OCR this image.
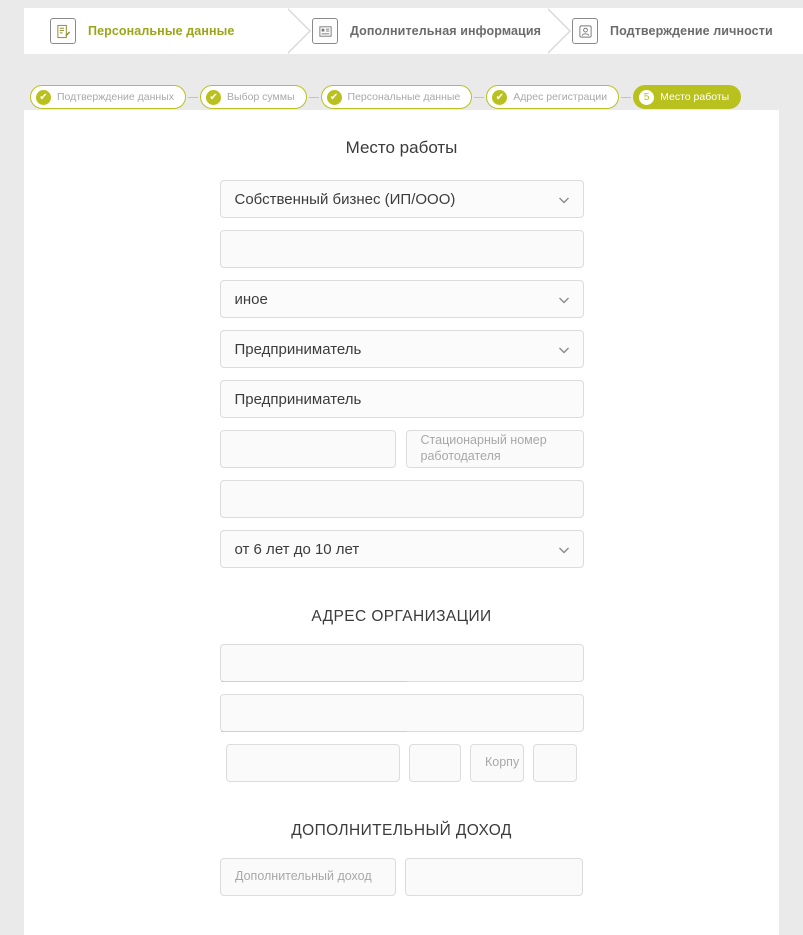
Персональные данные	Дополнительная информация	Подтверждение личности
✔ Подтверждение данных	✔ Выбор суммы	✔ Персональные данные	✔ Адрес регистрации	5	Место работы
Место работы
Собственный бизнес (ИП/ООО)
иное
Предприниматель
Предприниматель
Стационарный номер работодателя
от 6 лет до 10 лет
АДРЕС ОРГАНИЗАЦИИ
Корпу
ДОПОЛНИТЕЛЬНЫЙ ДОХОД
Дополнительный доход
